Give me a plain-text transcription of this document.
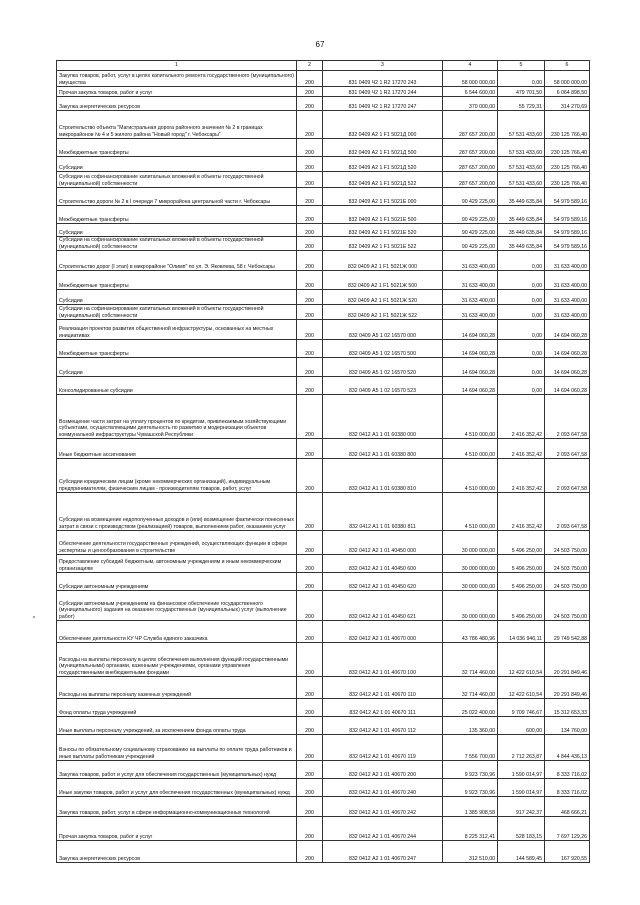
67
1	2	3	4	5	6
Закупка товаров, работ, услуг в целях капитального ремонта государственного (муниципального) имущества	200	831 0409 Ч2 1 R2 17270 243	58 000 000,00	0,00	58 000 000,00
Прочая закупка товаров, работ и услуг	200	831 0409 Ч2 1 R2 17270 244	6 544 600,00	479 701,50	6 064 898,50
Закупка энергетических ресурсов	200	831 0409 Ч2 1 R2 17270 247	370 000,00	55 729,31	314 270,69
Строительство объекта "Магистральная дорога районного значения № 2 в границах микрорайонов № 4 и 5 жилого района "Новый город" г. Чебоксары"	200	832 0409 А2 1 F1 5021Д 000	287 657 200,00	57 531 433,60	230 125 766,40
Межбюджетные трансферты	200	832 0409 А2 1 F1 5021Д 500	287 657 200,00	57 531 433,60	230 125 766,40
Субсидии	200	832 0409 А2 1 F1 5021Д 520	287 657 200,00	57 531 433,60	230 125 766,40
Субсидии на софинансирование капитальных вложений в объекты государственной (муниципальной) собственности	200	832 0409 А2 1 F1 5021Д 522	287 657 200,00	57 531 433,60	230 125 766,40
Строительство дороги № 2 в I очереди 7 микрорайона центральной части г. Чебоксары	200	832 0409 А2 1 F1 5021Е 000	90 429 225,00	35 449 635,84	54 979 589,16
Межбюджетные трансферты	200	832 0409 А2 1 F1 5021Е 500	90 429 225,00	35 449 635,84	54 979 589,16
Субсидии	200	832 0409 А2 1 F1 5021Е 520	90 429 225,00	35 449 635,84	54 979 589,16
Субсидии на софинансирование капитальных вложений в объекты государственной (муниципальной) собственности	200	832 0409 А2 1 F1 5021Е 522	90 429 225,00	35 449 635,84	54 979 589,16
Строительство дорог (I этап) в микрорайоне "Олимп" по ул. Э. Яковлева, 58 г. Чебоксары	200	832 0409 А2 1 F1 5021Ж 000	31 633 400,00	0,00	31 633 400,00
Межбюджетные трансферты	200	832 0409 А2 1 F1 5021Ж 500	31 633 400,00	0,00	31 633 400,00
Субсидии	200	832 0409 А2 1 F1 5021Ж 520	31 633 400,00	0,00	31 633 400,00
Субсидии на софинансирование капитальных вложений в объекты государственной (муниципальной) собственности	200	832 0409 А2 1 F1 5021Ж 522	31 633 400,00	0,00	31 633 400,00
Реализация проектов развития общественной инфраструктуры, основанных на местных инициативах	200	832 0409 А5 1 02 16570 000	14 694 060,28	0,00	14 694 060,28
Межбюджетные трансферты	200	832 0409 А5 1 02 16570 500	14 694 060,28	0,00	14 694 060,28
Субсидии	200	832 0409 А5 1 02 16570 520	14 694 060,28	0,00	14 694 060,28
Консолидированные субсидии	200	832 0409 А5 1 02 16570 523	14 694 060,28	0,00	14 694 060,28
Возмещение части затрат на уплату процентов по кредитам, привлекаемым хозяйствующими субъектами, осуществляющими деятельность по развитию и модернизации объектов коммунальной инфраструктуры Чувашской Республики	200	832 0412 А1 1 01 60380 000	4 510 000,00	2 416 352,42	2 093 647,58
Иные бюджетные ассигнования	200	832 0412 А1 1 01 60380 800	4 510 000,00	2 416 352,42	2 093 647,58
Субсидии юридическим лицам (кроме некоммерческих организаций), индивидуальным предпринимателям, физическим лицам - производителям товаров, работ, услуг	200	832 0412 А1 1 01 60380 810	4 510 000,00	2 416 352,42	2 093 647,58
Субсидии на возмещение недополученных доходов и (или) возмещение фактически понесенных затрат в связи с производством (реализацией) товаров, выполнением работ, оказанием услуг	200	832 0412 А1 1 01 60380 811	4 510 000,00	2 416 352,42	2 093 647,58
Обеспечение деятельности государственных учреждений, осуществляющих функции в сфере экспертизы и ценообразования в строительстве	200	832 0412 А2 1 01 40450 000	30 000 000,00	5 496 250,00	24 503 750,00
Предоставление субсидий бюджетным, автономным учреждениям и иным некоммерческим организациям	200	832 0412 А2 1 01 40450 600	30 000 000,00	5 496 250,00	24 503 750,00
Субсидии автономным учреждениям	200	832 0412 А2 1 01 40450 620	30 000 000,00	5 496 250,00	24 503 750,00
Субсидии автономным учреждениям на финансовое обеспечение государственного (муниципального) задания на оказание государственных (муниципальных) услуг (выполнение работ)	200	832 0412 А2 1 01 40450 621	30 000 000,00	5 496 250,00	24 503 750,00
Обеспечение деятельности КУ ЧР Служба единого заказчика	200	832 0412 А2 1 01 40670 000	43 786 480,96	14 036 946,11	29 749 542,88
Расходы на выплаты персоналу в целях обеспечения выполнения функций государственными (муниципальными) органами, казенными учреждениями, органами управления государственными внебюджетными фондами	200	832 0412 А2 1 01 40670 100	32 714 460,00	12 422 610,54	20 291 849,46
Расходы на выплаты персоналу казенных учреждений	200	832 0412 А2 1 01 40670 110	32 714 460,00	12 422 610,54	20 291 849,46
Фонд оплаты труда учреждений	200	832 0412 А2 1 01 40670 111	25 022 400,00	9 709 746,67	15 312 653,33
Иные выплаты персоналу учреждений, за исключением фонда оплаты труда	200	832 0412 А2 1 01 40670 112	135 360,00	600,00	134 760,00
Взносы по обязательному социальному страхованию на выплаты по оплате труда работников и иные выплаты работникам учреждений	200	832 0412 А2 1 01 40670 119	7 556 700,00	2 712 263,87	4 844 436,13
Закупка товаров, работ и услуг для обеспечения государственных (муниципальных) нужд	200	832 0412 А2 1 01 40670 200	9 923 730,96	1 590 014,97	8 333 716,02
Иные закупки товаров, работ и услуг для обеспечения государственных (муниципальных) нужд	200	832 0412 А2 1 01 40670 240	9 923 730,96	1 590 014,97	8 333 716,02
Закупка товаров, работ, услуг в сфере информационно-коммуникационных технологий	200	832 0412 А2 1 01 40670 242	1 385 908,58	917 242,37	468 666,21
Прочая закупка товаров, работ и услуг	200	832 0412 А2 1 01 40670 244	8 225 312,41	528 183,15	7 697 129,26
Закупка энергетических ресурсов	200	832 0412 А2 1 01 40670 247	312 510,00	144 589,45	167 920,55
